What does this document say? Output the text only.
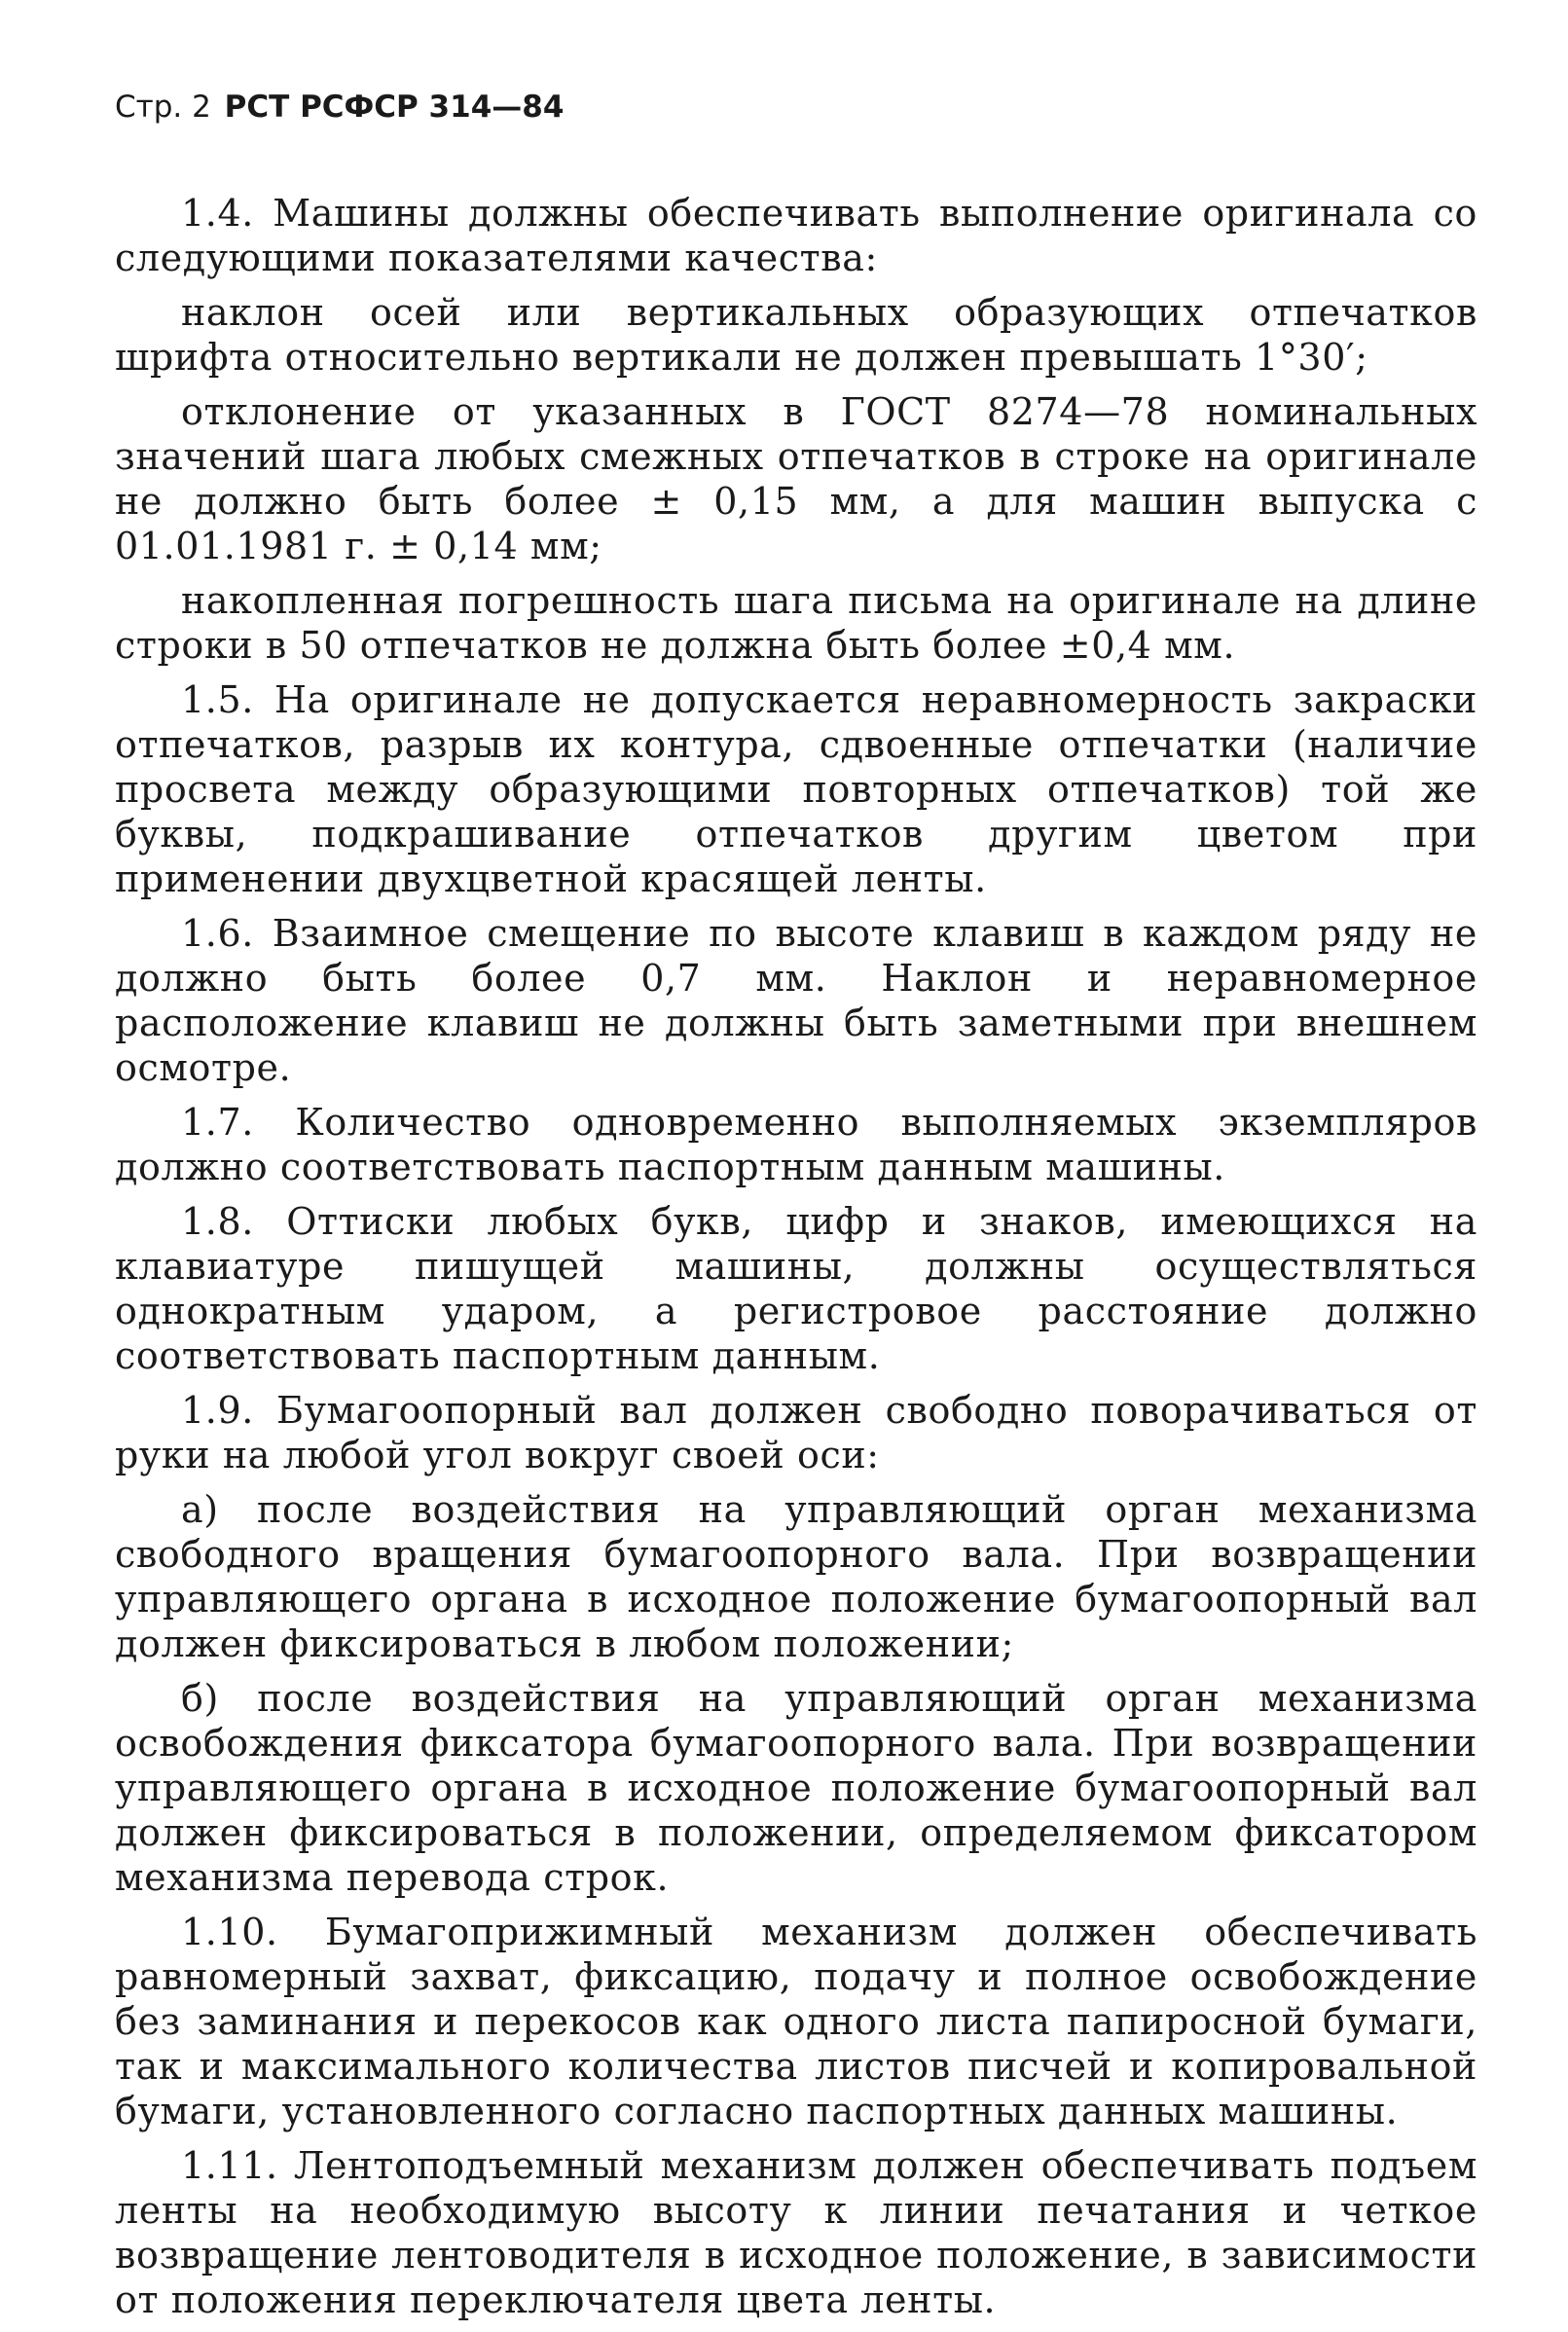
Стр. 2 РСТ РСФСР 314—84

1.4. Машины должны обеспечивать выполнение оригинала со следующими показателями качества:

наклон осей или вертикальных образующих отпечатков шрифта относительно вертикали не должен превышать 1°30′;

отклонение от указанных в ГОСТ 8274—78 номинальных значений шага любых смежных отпечатков в строке на оригинале не должно быть более ± 0,15 мм, а для машин выпуска с 01.01.1981 г. ± 0,14 мм;

накопленная погрешность шага письма на оригинале на длине строки в 50 отпечатков не должна быть более ±0,4 мм.

1.5. На оригинале не допускается неравномерность закраски отпечатков, разрыв их контура, сдвоенные отпечатки (наличие просвета между образующими повторных отпечатков) той же буквы, подкрашивание отпечатков другим цветом при применении двухцветной красящей ленты.

1.6. Взаимное смещение по высоте клавиш в каждом ряду не должно быть более 0,7 мм. Наклон и неравномерное расположение клавиш не должны быть заметными при внешнем осмотре.

1.7. Количество одновременно выполняемых экземпляров должно соответствовать паспортным данным машины.

1.8. Оттиски любых букв, цифр и знаков, имеющихся на клавиатуре пишущей машины, должны осуществляться однократным ударом, а регистровое расстояние должно соответствовать паспортным данным.

1.9. Бумагоопорный вал должен свободно поворачиваться от руки на любой угол вокруг своей оси:

а) после воздействия на управляющий орган механизма свободного вращения бумагоопорного вала. При возвращении управляющего органа в исходное положение бумагоопорный вал должен фиксироваться в любом положении;

б) после воздействия на управляющий орган механизма освобождения фиксатора бумагоопорного вала. При возвращении управляющего органа в исходное положение бумагоопорный вал должен фиксироваться в положении, определяемом фиксатором механизма перевода строк.

1.10. Бумагоприжимный механизм должен обеспечивать равномерный захват, фиксацию, подачу и полное освобождение без заминания и перекосов как одного листа папиросной бумаги, так и максимального количества листов писчей и копировальной бумаги, установленного согласно паспортных данных машины.

1.11. Лентоподъемный механизм должен обеспечивать подъем ленты на необходимую высоту к линии печатания и четкое возвращение лентоводителя в исходное положение, в зависимости от положения переключателя цвета ленты.
